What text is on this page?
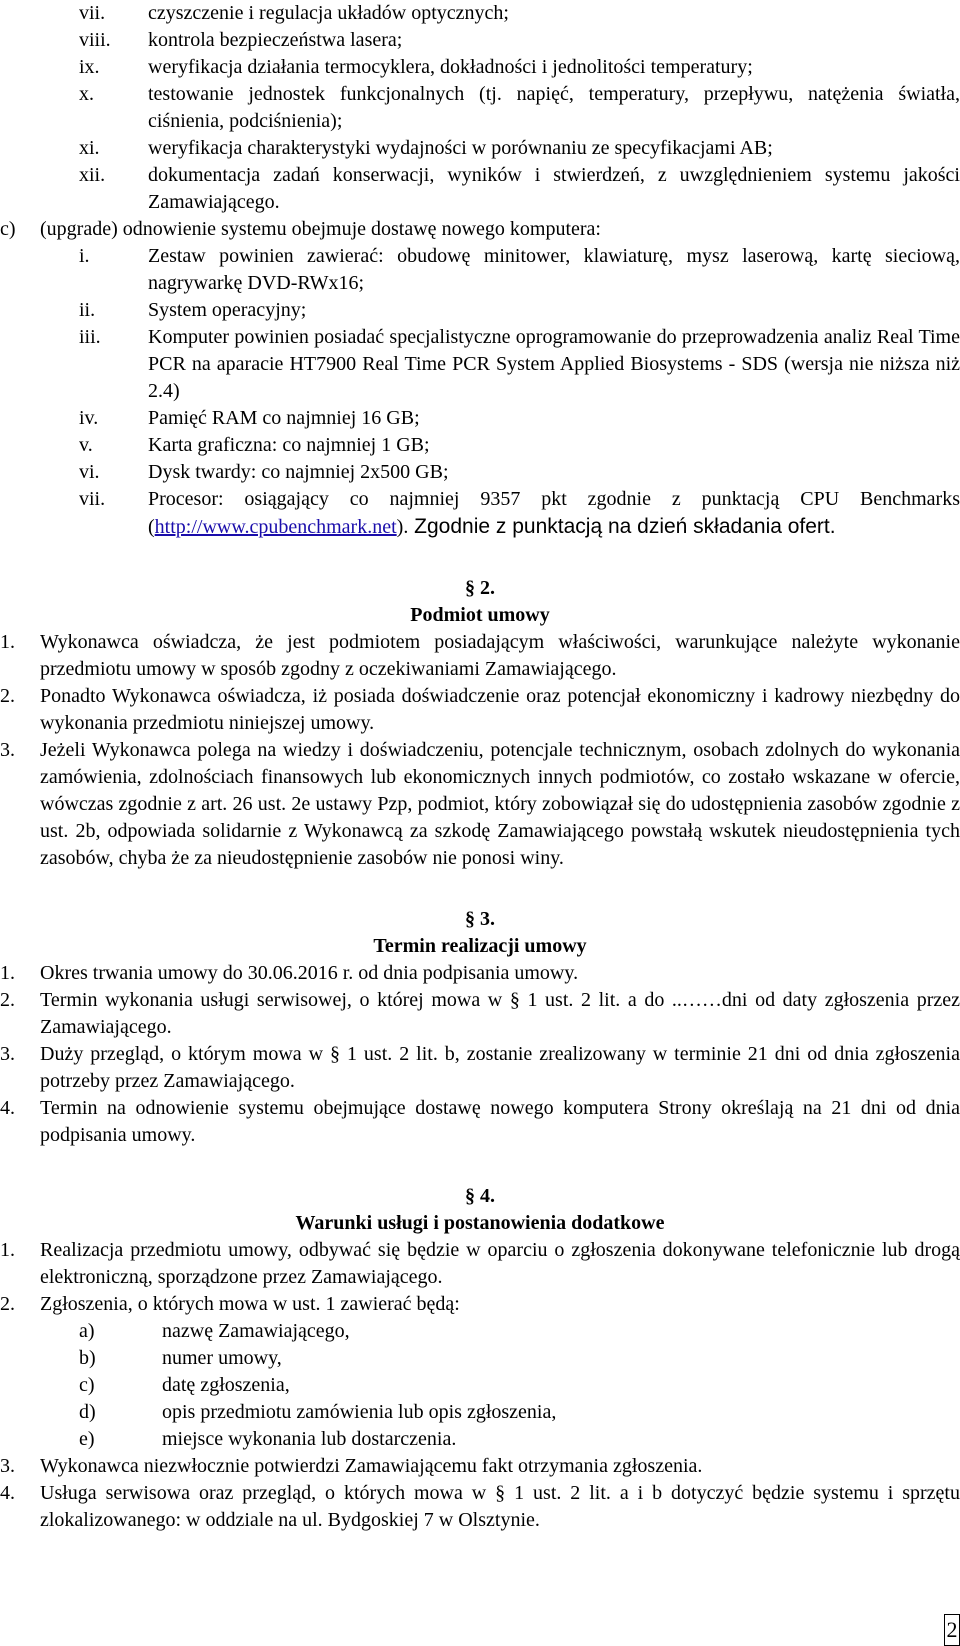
vii. czyszczenie i regulacja układów optycznych;
viii. kontrola bezpieczeństwa lasera;
ix. weryfikacja działania termocyklera, dokładności i jednolitości temperatury;
x.	testowanie jednostek funkcjonalnych (tj. napięć, temperatury, przepływu, natężenia światła, ciśnienia, podciśnienia);
xi. weryfikacja charakterystyki wydajności w porównaniu ze specyfikacjami AB;
xii. dokumentacja zadań konserwacji, wyników i stwierdzeń, z uwzględnieniem systemu jakości Zamawiającego.
c) (upgrade) odnowienie systemu obejmuje dostawę nowego komputera:
i.	Zestaw powinien zawierać: obudowę minitower, klawiaturę, mysz laserową, kartę sieciową, nagrywarkę DVD-RWx16;
ii.	System operacyjny;
iii. Komputer powinien posiadać specjalistyczne oprogramowanie do przeprowadzenia analiz Real Time PCR na aparacie HT7900 Real Time PCR System Applied Biosystems - SDS (wersja nie niższa niż 2.4)
iv. Pamięć RAM co najmniej 16 GB;
v.	Karta graficzna: co najmniej 1 GB;
vi. Dysk twardy: co najmniej 2x500 GB;
vii. Procesor: osiągający co najmniej 9357 pkt zgodnie z punktacją CPU Benchmarks (http://www.cpubenchmark.net). Zgodnie z punktacją na dzień składania ofert.
§ 2.
Podmiot umowy
1. Wykonawca oświadcza, że jest podmiotem posiadającym właściwości, warunkujące należyte wykonanie przedmiotu umowy w sposób zgodny z oczekiwaniami Zamawiającego.
2. Ponadto Wykonawca oświadcza, iż posiada doświadczenie oraz potencjał ekonomiczny i kadrowy niezbędny do wykonania przedmiotu niniejszej umowy.
3. Jeżeli Wykonawca polega na wiedzy i doświadczeniu, potencjale technicznym, osobach zdolnych do wykonania zamówienia, zdolnościach finansowych lub ekonomicznych innych podmiotów, co zostało wskazane w ofercie, wówczas zgodnie z art. 26 ust. 2e ustawy Pzp, podmiot, który zobowiązał się do udostępnienia zasobów zgodnie z ust. 2b, odpowiada solidarnie z Wykonawcą za szkodę Zamawiającego powstałą wskutek nieudostępnienia tych zasobów, chyba że za nieudostępnienie zasobów nie ponosi winy.
§ 3.
Termin realizacji umowy
1. Okres trwania umowy do 30.06.2016 r. od dnia podpisania umowy.
2. Termin wykonania usługi serwisowej, o której mowa w § 1 ust. 2 lit. a do ..……dni od daty zgłoszenia przez Zamawiającego.
3. Duży przegląd, o którym mowa w § 1 ust. 2 lit. b, zostanie zrealizowany w terminie 21 dni od dnia zgłoszenia potrzeby przez Zamawiającego.
4. Termin na odnowienie systemu obejmujące dostawę nowego komputera Strony określają na 21 dni od dnia podpisania umowy.
§ 4.
Warunki usługi i postanowienia dodatkowe
1. Realizacja przedmiotu umowy, odbywać się będzie w oparciu o zgłoszenia dokonywane telefonicznie lub drogą elektroniczną, sporządzone przez Zamawiającego.
2. Zgłoszenia, o których mowa w ust. 1 zawierać będą:
a)	nazwę Zamawiającego,
b)	numer umowy,
c)	datę zgłoszenia,
d)	opis przedmiotu zamówienia lub opis zgłoszenia,
e)	miejsce wykonania lub dostarczenia.
3. Wykonawca niezwłocznie potwierdzi Zamawiającemu fakt otrzymania zgłoszenia.
4. Usługa serwisowa oraz przegląd, o których mowa w § 1 ust. 2 lit. a i b dotyczyć będzie systemu i sprzętu zlokalizowanego: w oddziale na ul. Bydgoskiej 7 w Olsztynie.
2
